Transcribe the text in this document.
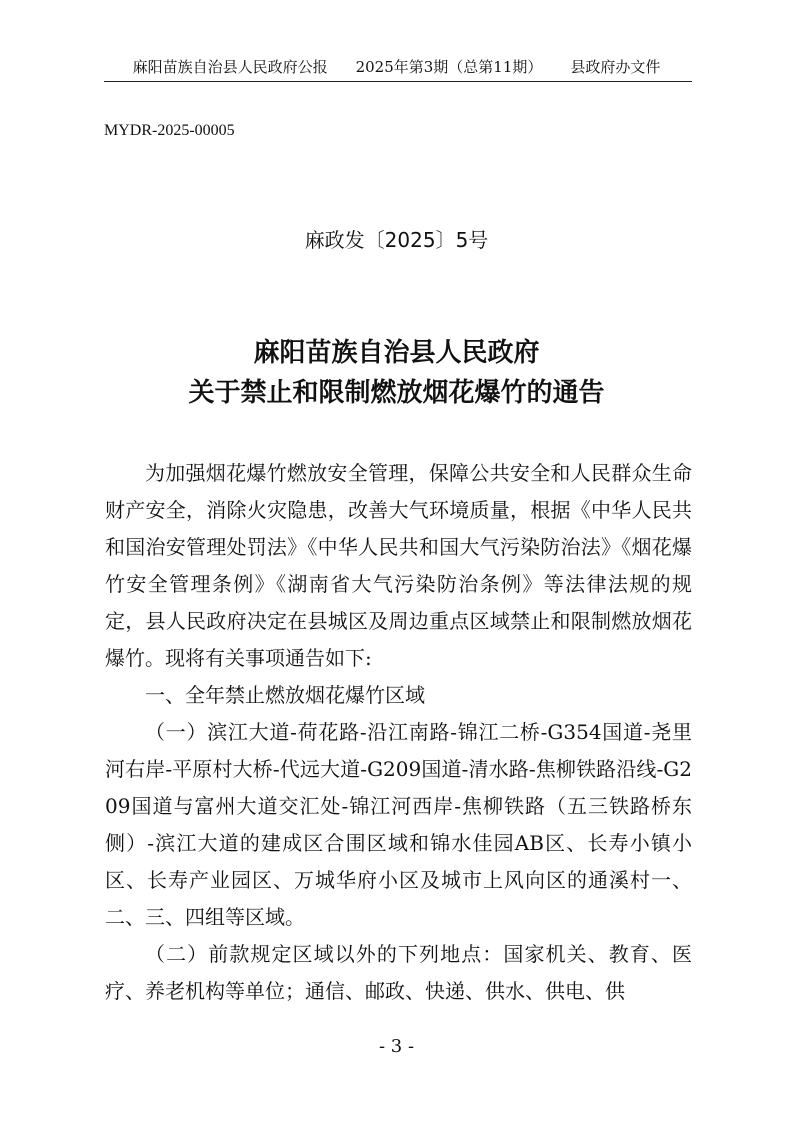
麻阳苗族自治县人民政府公报 2025年第3期（总第11期） 县政府办文件
MYDR-2025-00005
麻政发〔2025〕5号
麻阳苗族自治县人民政府
关于禁止和限制燃放烟花爆竹的通告

为加强烟花爆竹燃放安全管理，保障公共安全和人民群众生命财产安全，消除火灾隐患，改善大气环境质量，根据《中华人民共和国治安管理处罚法》《中华人民共和国大气污染防治法》《烟花爆竹安全管理条例》《湖南省大气污染防治条例》等法律法规的规定，县人民政府决定在县城区及周边重点区域禁止和限制燃放烟花爆竹。现将有关事项通告如下:

一、全年禁止燃放烟花爆竹区域

（一）滨江大道-荷花路-沿江南路-锦江二桥-G354国道-尧里河右岸-平原村大桥-代远大道-G209国道-清水路-焦柳铁路沿线-G209国道与富州大道交汇处-锦江河西岸-焦柳铁路（五三铁路桥东侧）-滨江大道的建成区合围区域和锦水佳园AB区、长寿小镇小区、长寿产业园区、万城华府小区及城市上风向区的通溪村一、二、三、四组等区域。

（二）前款规定区域以外的下列地点：国家机关、教育、医疗、养老机构等单位；通信、邮政、快递、供水、供电、供

- 3 -
